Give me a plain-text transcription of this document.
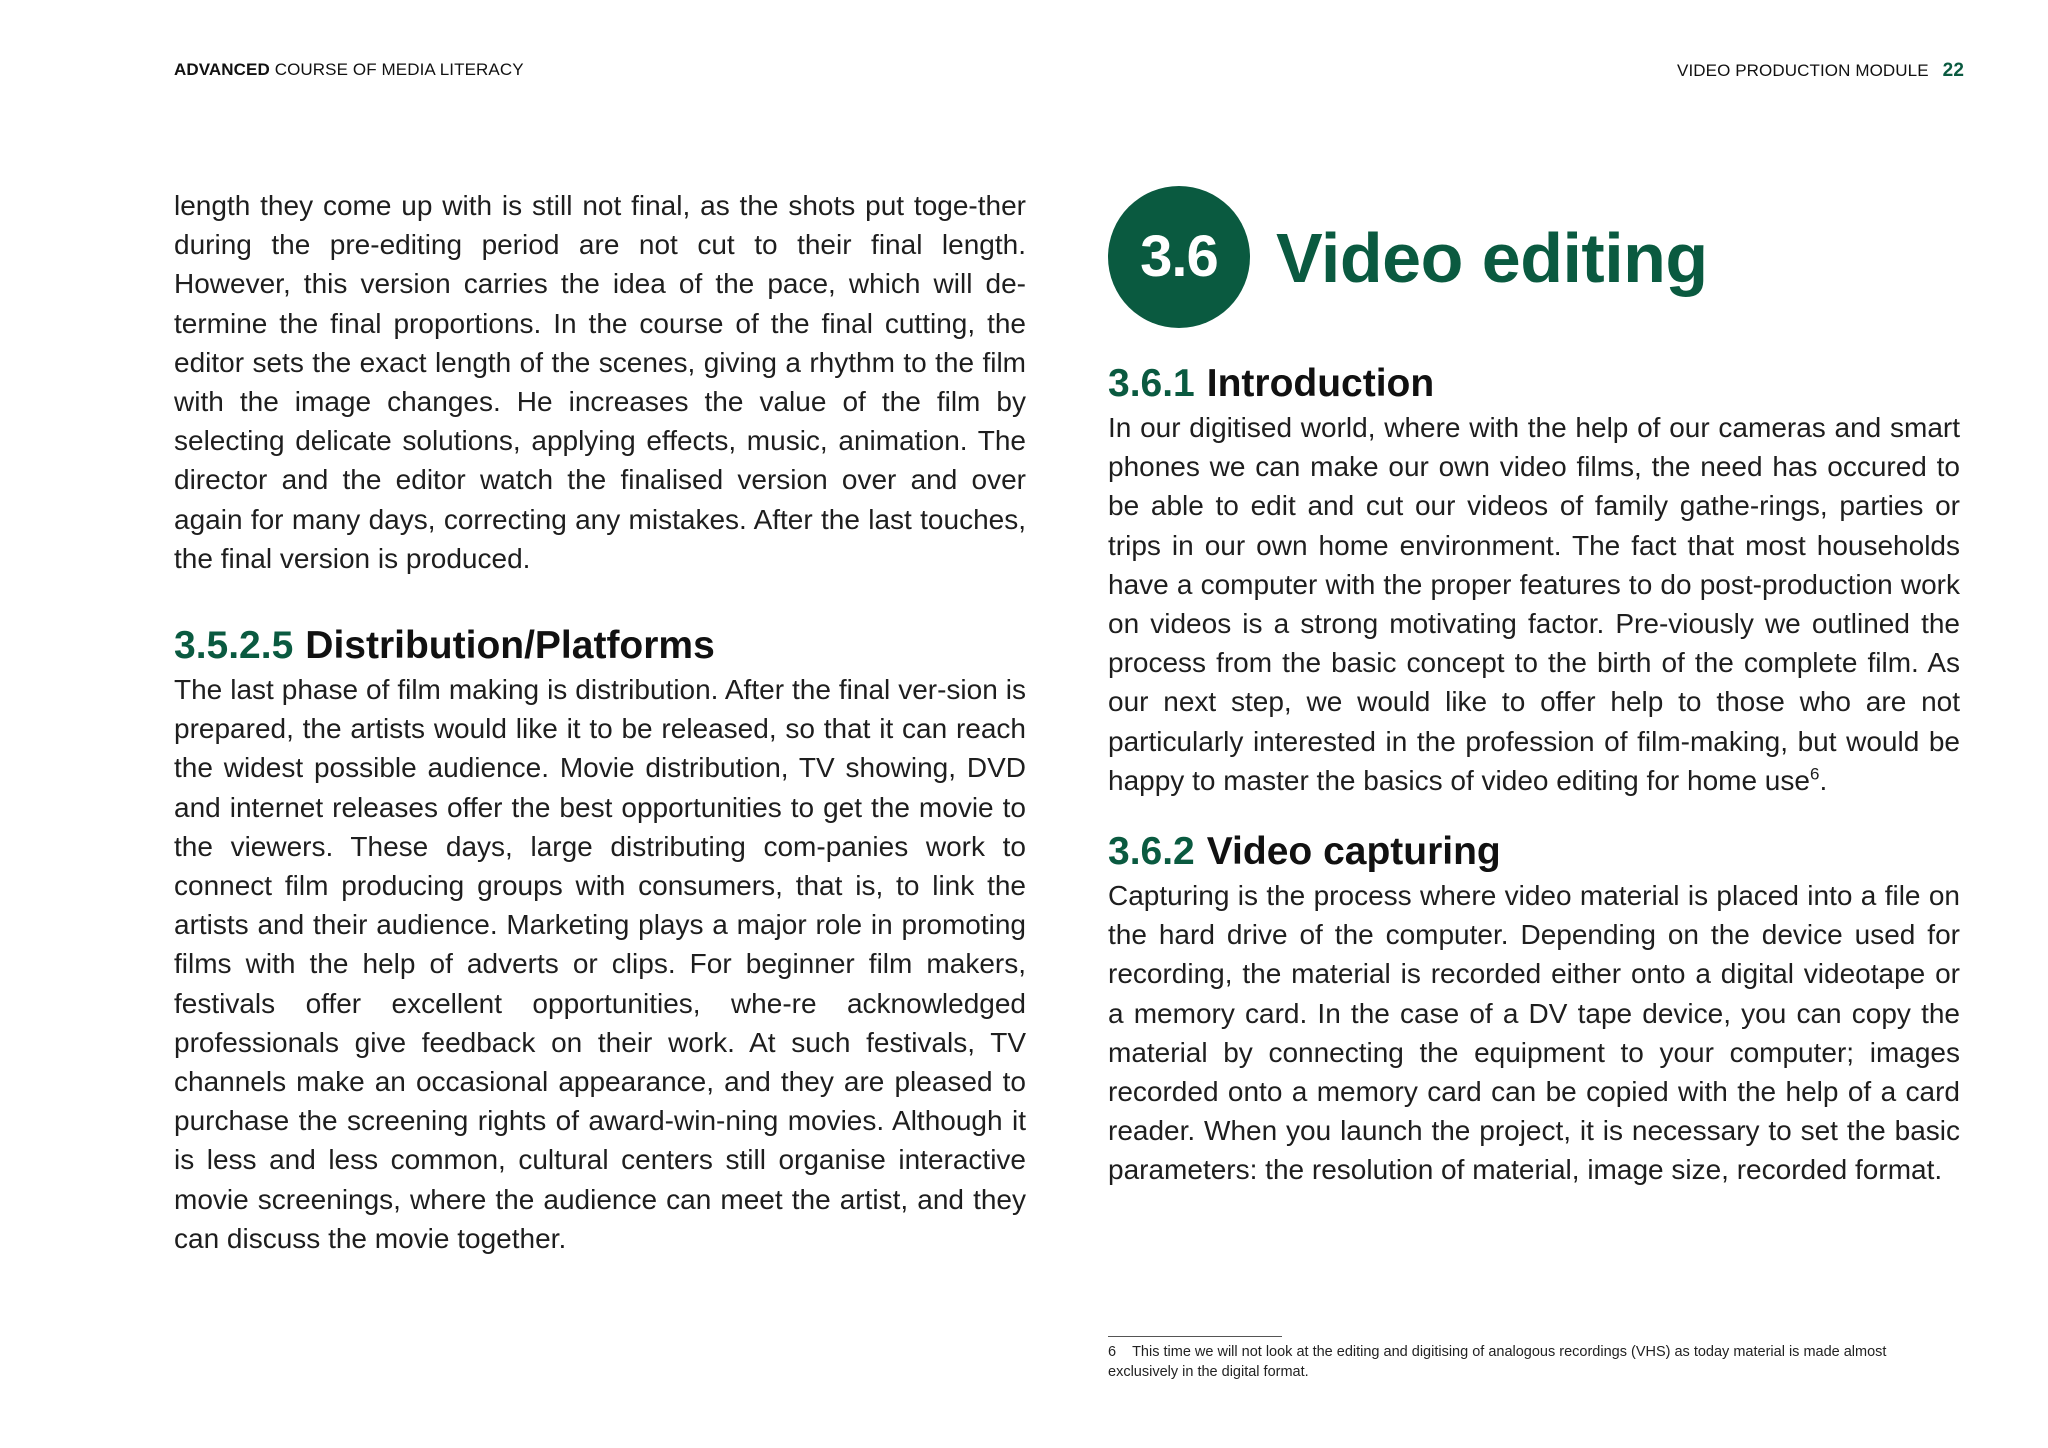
ADVANCED COURSE OF MEDIA LITERACY	VIDEO PRODUCTION MODULE 22

length they come up with is still not final, as the shots put toge-ther during the pre-editing period are not cut to their final length. However, this version carries the idea of the pace, which will de-termine the final proportions. In the course of the final cutting, the editor sets the exact length of the scenes, giving a rhythm to the film with the image changes. He increases the value of the film by selecting delicate solutions, applying effects, music, animation. The director and the editor watch the finalised version over and over again for many days, correcting any mistakes. After the last touches, the final version is produced.

3.5.2.5 Distribution/Platforms

The last phase of film making is distribution. After the final ver-sion is prepared, the artists would like it to be released, so that it can reach the widest possible audience. Movie distribution, TV showing, DVD and internet releases offer the best opportunities to get the movie to the viewers. These days, large distributing com-panies work to connect film producing groups with consumers, that is, to link the artists and their audience. Marketing plays a major role in promoting films with the help of adverts or clips. For beginner film makers, festivals offer excellent opportunities, whe-re acknowledged professionals give feedback on their work. At such festivals, TV channels make an occasional appearance, and they are pleased to purchase the screening rights of award-win-ning movies. Although it is less and less common, cultural centers still organise interactive movie screenings, where the audience can meet the artist, and they can discuss the movie together.

3.6 Video editing
3.6.1 Introduction

In our digitised world, where with the help of our cameras and smart phones we can make our own video films, the need has occured to be able to edit and cut our videos of family gathe-rings, parties or trips in our own home environment. The fact that most households have a computer with the proper features to do post-production work on videos is a strong motivating factor. Pre-viously we outlined the process from the basic concept to the birth of the complete film. As our next step, we would like to offer help to those who are not particularly interested in the profession of film-making, but would be happy to master the basics of video editing for home use$^6$.

3.6.2 Video capturing

Capturing is the process where video material is placed into a file on the hard drive of the computer. Depending on the device used for recording, the material is recorded either onto a digital videotape or a memory card. In the case of a DV tape device, you can copy the material by connecting the equipment to your computer; images recorded onto a memory card can be copied with the help of a card reader. When you launch the project, it is necessary to set the basic parameters: the resolution of material, image size, recorded format.

6 This time we will not look at the editing and digitising of analogous recordings (VHS) as today material is made almost exclusively in the digital format.
